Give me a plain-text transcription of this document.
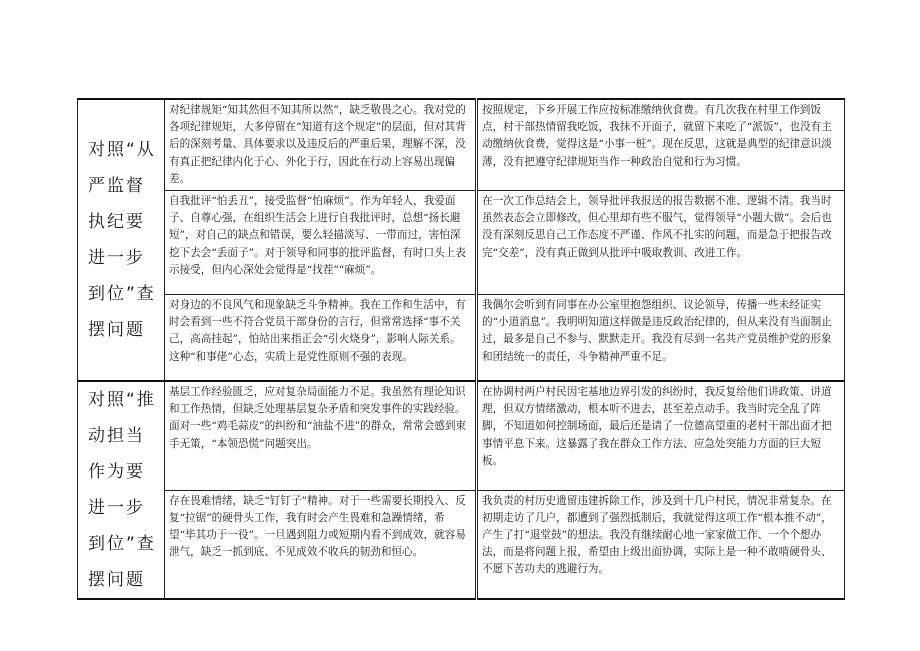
对照“从严监督执纪要进一步到位”查摆问题	对纪律规矩“知其然但不知其所以然”，缺乏敬畏之心。我对党的各项纪律规矩，大多停留在“知道有这个规定”的层面，但对其背后的深刻考量、具体要求以及违反后的严重后果，理解不深，没有真正把纪律内化于心、外化于行，因此在行动上容易出现偏差。	按照规定，下乡开展工作应按标准缴纳伙食费。有几次我在村里工作到饭点，村干部热情留我吃饭，我抹不开面子，就留下来吃了“派饭”，也没有主动缴纳伙食费，觉得这是“小事一桩”。现在反思，这就是典型的纪律意识淡薄，没有把遵守纪律规矩当作一种政治自觉和行为习惯。
	自我批评“怕丢丑”，接受监督“怕麻烦”。作为年轻人，我爱面子、自尊心强，在组织生活会上进行自我批评时，总想“扬长避短”，对自己的缺点和错误，要么轻描淡写、一带而过，害怕深挖下去会“丢面子”。对于领导和同事的批评监督，有时口头上表示接受，但内心深处会觉得是“找茬”“麻烦”。	在一次工作总结会上，领导批评我报送的报告数据不准、逻辑不清。我当时虽然表态会立即修改，但心里却有些不服气，觉得领导“小题大做”。会后也没有深刻反思自己工作态度不严谨、作风不扎实的问题，而是急于把报告改完“交差”，没有真正做到从批评中吸取教训、改进工作。
	对身边的不良风气和现象缺乏斗争精神。我在工作和生活中，有时会看到一些不符合党员干部身份的言行，但常常选择“事不关己，高高挂起”，怕站出来指正会“引火烧身”，影响人际关系。这种“和事佬”心态，实质上是党性原则不强的表现。	我偶尔会听到有同事在办公室里抱怨组织、议论领导，传播一些未经证实的“小道消息”。我明明知道这样做是违反政治纪律的，但从来没有当面制止过，最多是自己不参与、默默走开。我没有尽到一名共产党员维护党的形象和团结统一的责任，斗争精神严重不足。
对照“推动担当作为要进一步到位”查摆问题	基层工作经验匮乏，应对复杂局面能力不足。我虽然有理论知识和工作热情，但缺乏处理基层复杂矛盾和突发事件的实践经验。面对一些“鸡毛蒜皮”的纠纷和“油盐不进”的群众，常常会感到束手无策，“本领恐慌”问题突出。	在协调村两户村民因宅基地边界引发的纠纷时，我反复给他们讲政策、讲道理，但双方情绪激动，根本听不进去，甚至差点动手。我当时完全乱了阵脚，不知道如何控制场面，最后还是请了一位德高望重的老村干部出面才把事情平息下来。这暴露了我在群众工作方法、应急处突能力方面的巨大短板。
	存在畏难情绪，缺乏“钉钉子”精神。对于一些需要长期投入、反复“拉锯”的硬骨头工作，我有时会产生畏难和急躁情绪，希望“毕其功于一役”。一旦遇到阻力或短期内看不到成效，就容易泄气，缺乏一抓到底、不见成效不收兵的韧劲和恒心。	我负责的村历史遗留违建拆除工作，涉及到十几户村民，情况非常复杂。在初期走访了几户，都遭到了强烈抵制后，我就觉得这项工作“根本推不动”，产生了打“退堂鼓”的想法。我没有继续耐心地一家家做工作、一个个想办法，而是将问题上报，希望由上级出面协调，实际上是一种不敢啃硬骨头、不愿下苦功夫的逃避行为。
